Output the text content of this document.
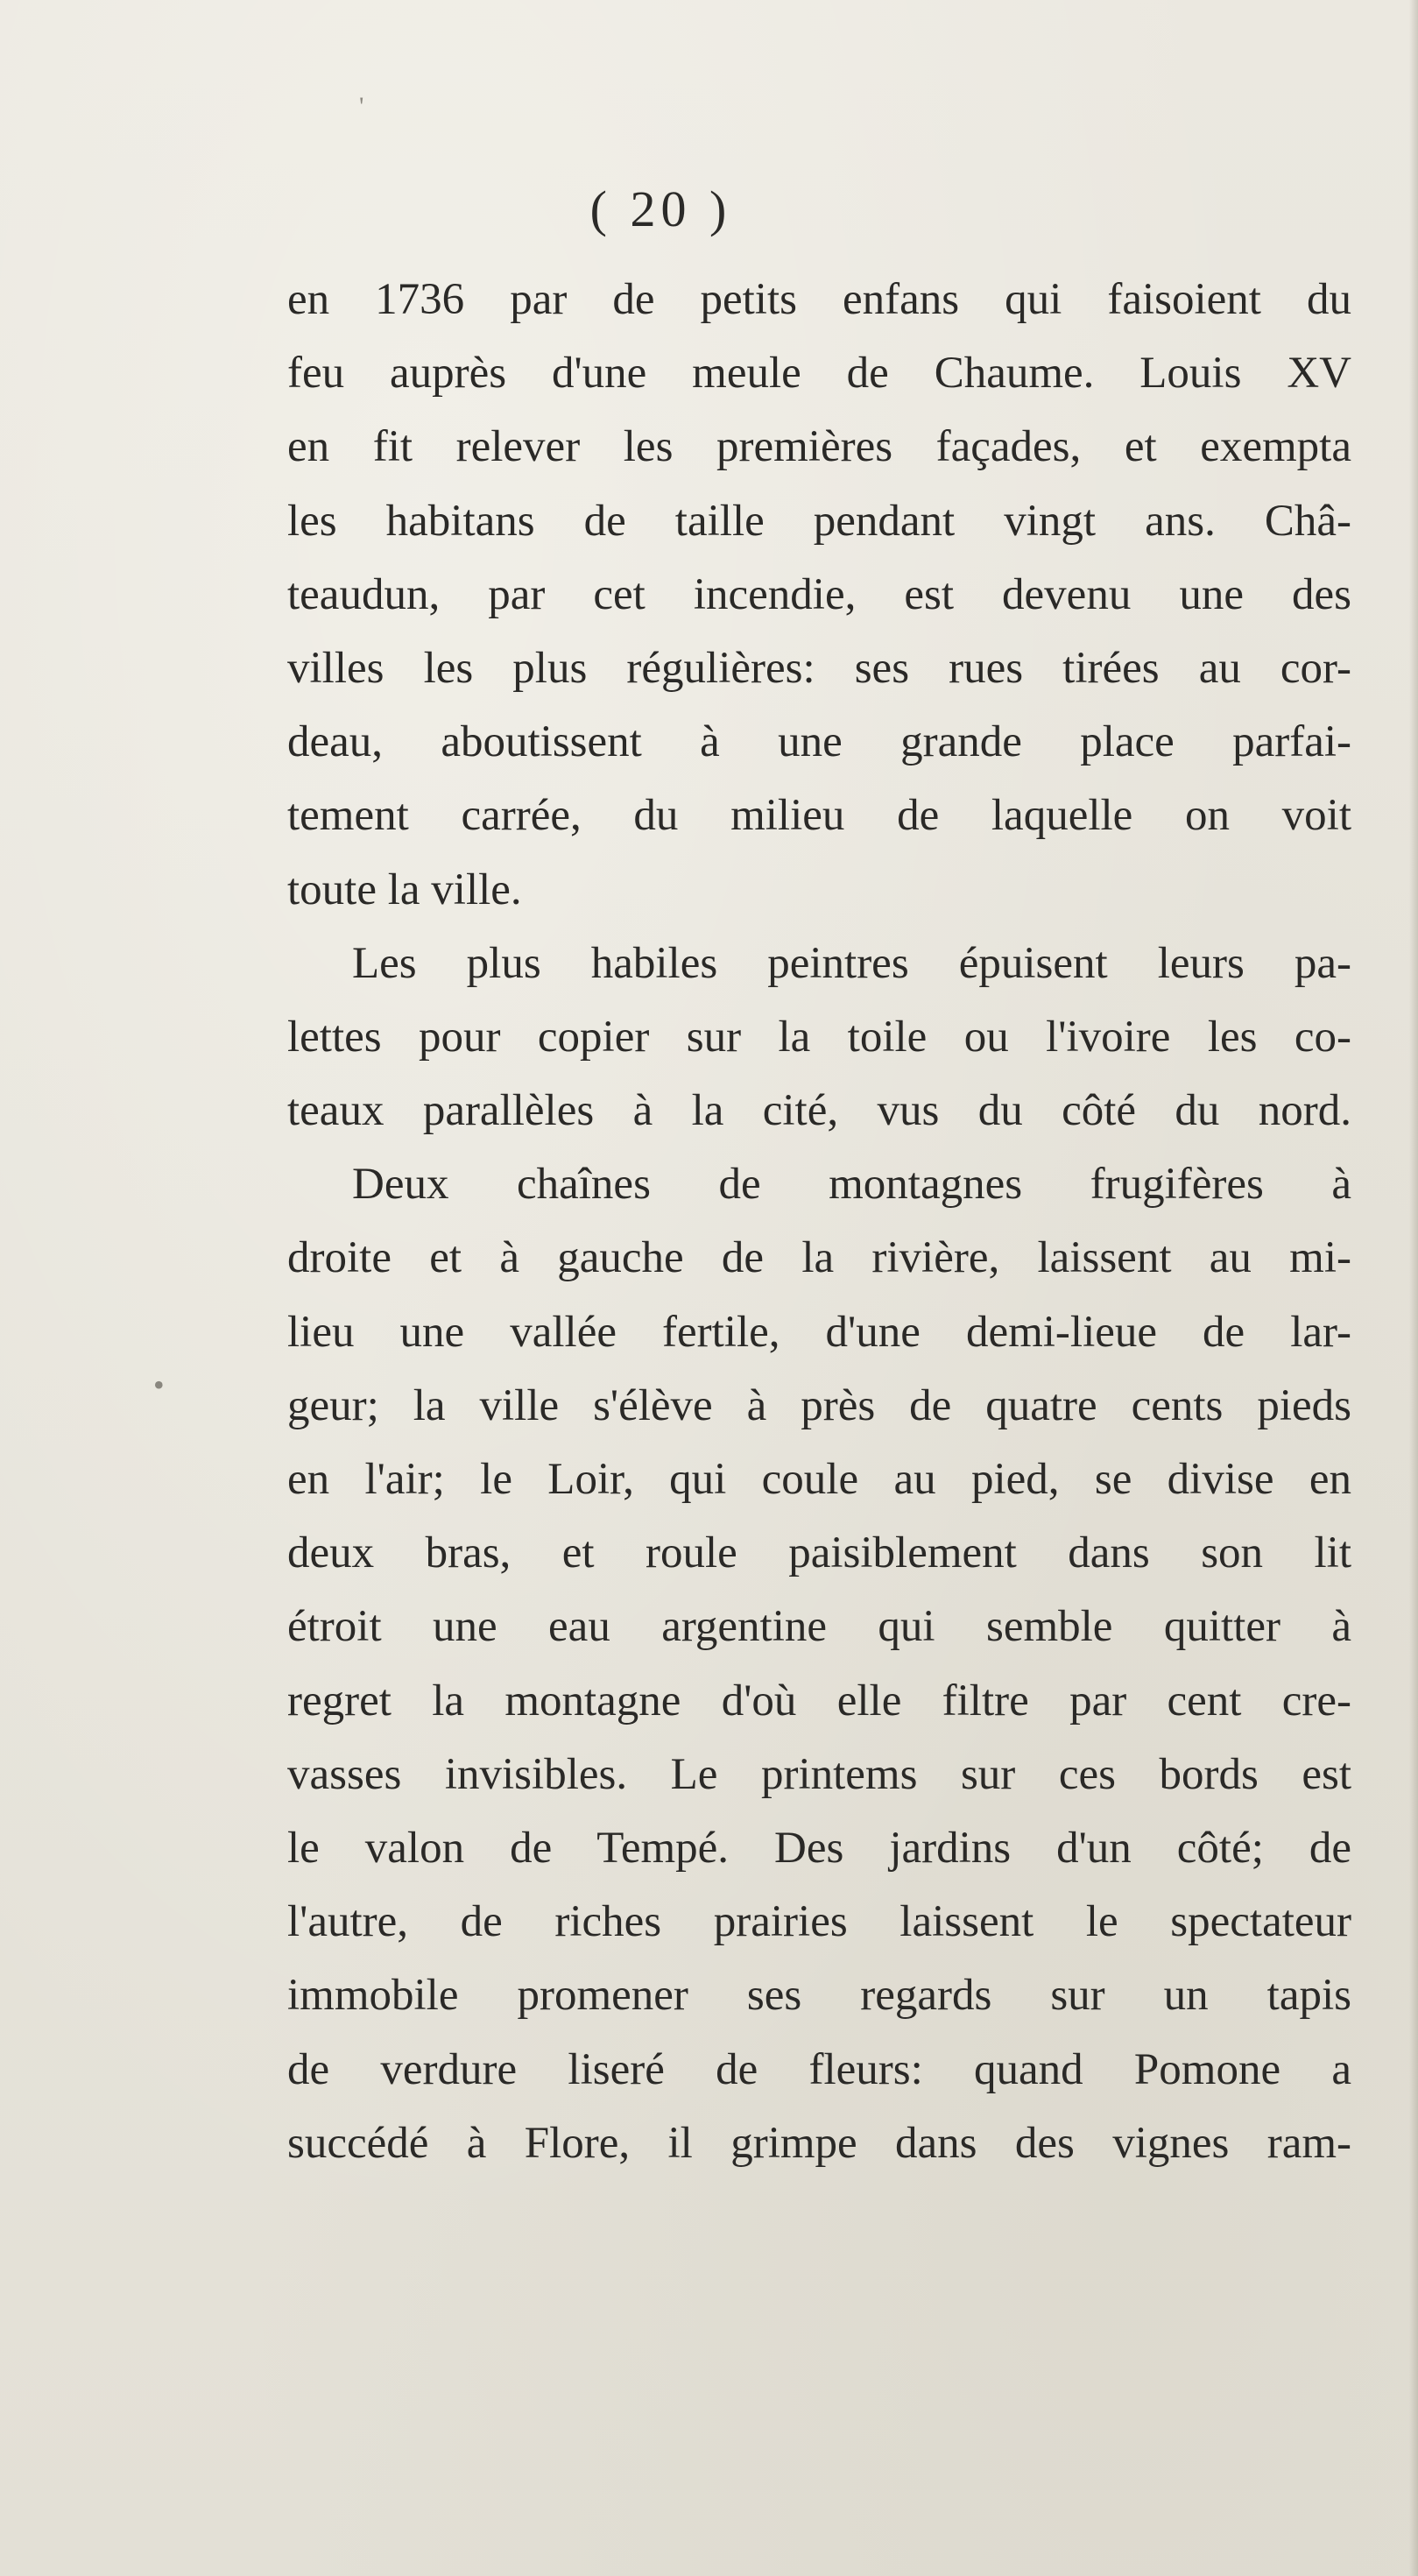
'
•
( 20 )
en 1736 par de petits enfans qui faisoient du
feu auprès d'une meule de Chaume. Louis XV
en fit relever les premières façades, et exempta
les habitans de taille pendant vingt ans. Châ-
teaudun, par cet incendie, est devenu une des
villes les plus régulières: ses rues tirées au cor-
deau, aboutissent à une grande place parfai-
tement carrée, du milieu de laquelle on voit
toute la ville.
Les plus habiles peintres épuisent leurs pa-
lettes pour copier sur la toile ou l'ivoire les co-
teaux parallèles à la cité, vus du côté du nord.
Deux chaînes de montagnes frugifères à
droite et à gauche de la rivière, laissent au mi-
lieu une vallée fertile, d'une demi-lieue de lar-
geur; la ville s'élève à près de quatre cents pieds
en l'air; le Loir, qui coule au pied, se divise en
deux bras, et roule paisiblement dans son lit
étroit une eau argentine qui semble quitter à
regret la montagne d'où elle filtre par cent cre-
vasses invisibles. Le printems sur ces bords est
le valon de Tempé. Des jardins d'un côté; de
l'autre, de riches prairies laissent le spectateur
immobile promener ses regards sur un tapis
de verdure liseré de fleurs: quand Pomone a
succédé à Flore, il grimpe dans des vignes ram-
